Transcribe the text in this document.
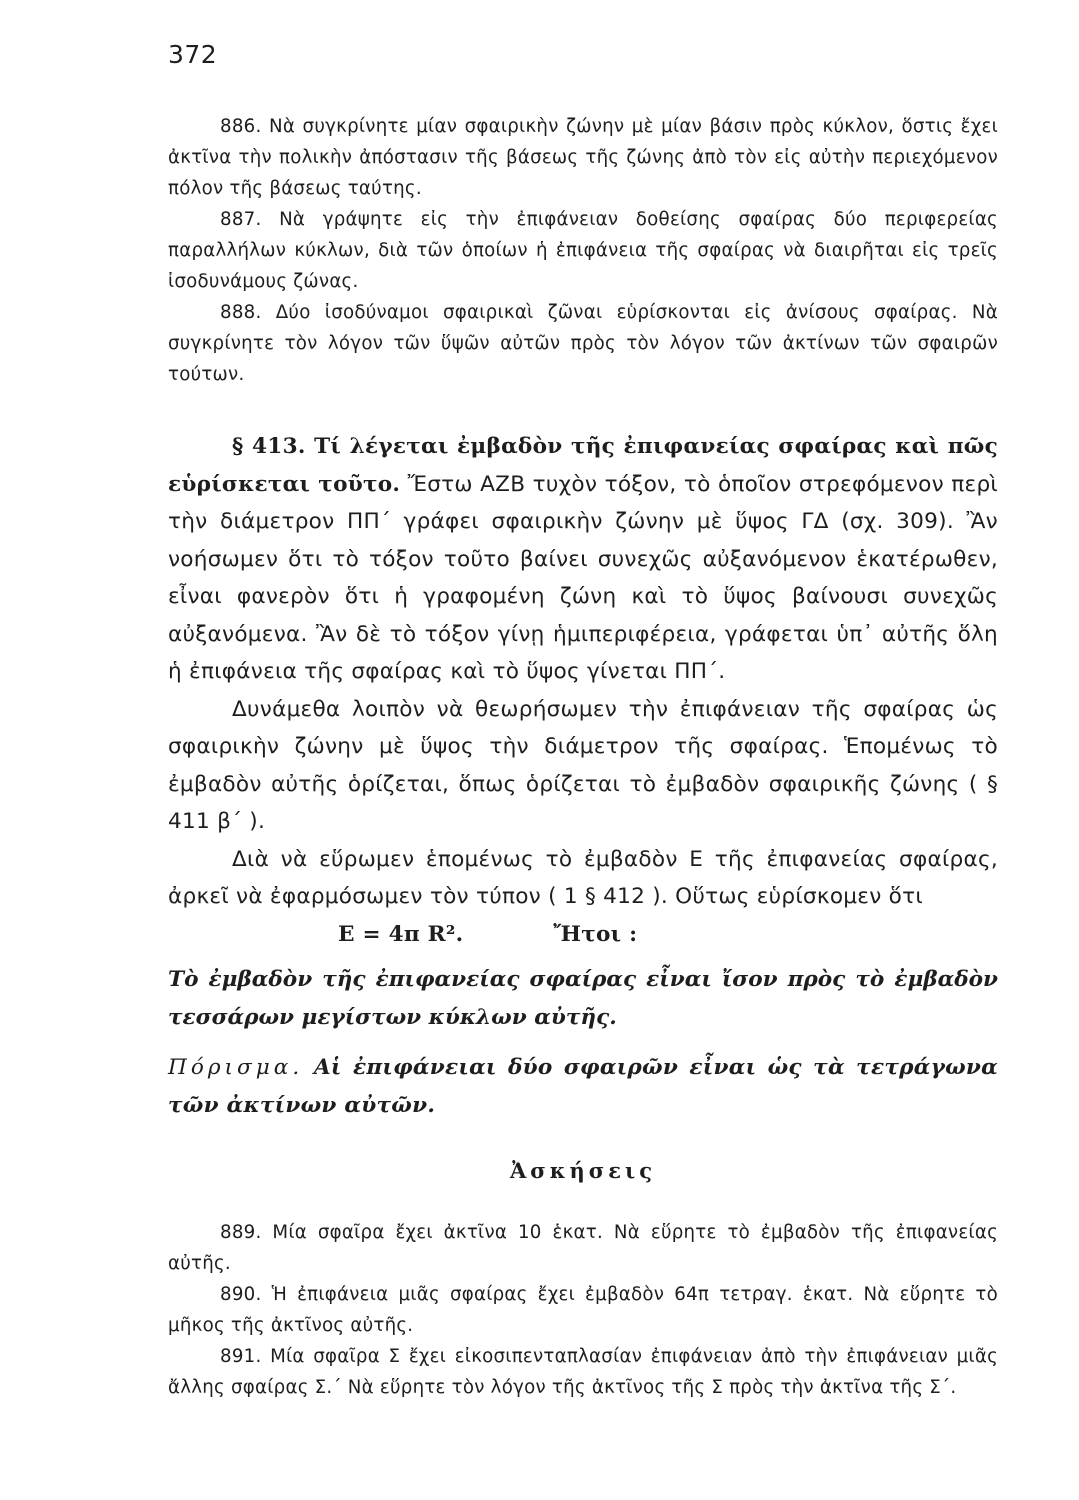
372

886. Νὰ συγκρίνητε μίαν σφαιρικὴν ζώνην μὲ μίαν βάσιν πρὸς κύκλον, ὅστις ἔχει ἀκτῖνα τὴν πολικὴν ἀπόστασιν τῆς βάσεως τῆς ζώνης ἀπὸ τὸν εἰς αὐτὴν περιεχόμενον πόλον τῆς βάσεως ταύτης.

887. Νὰ γράψητε εἰς τὴν ἐπιφάνειαν δοθείσης σφαίρας δύο περιφερείας παραλλήλων κύκλων, διὰ τῶν ὁποίων ἡ ἐπιφάνεια τῆς σφαίρας νὰ διαιρῆται εἰς τρεῖς ἰσοδυνάμους ζώνας.

888. Δύο ἰσοδύναμοι σφαιρικαὶ ζῶναι εὑρίσκονται εἰς ἀνίσους σφαίρας. Νὰ συγκρίνητε τὸν λόγον τῶν ὕψῶν αὐτῶν πρὸς τὸν λόγον τῶν ἀκτίνων τῶν σφαιρῶν τούτων.

§ 413. Τί λέγεται ἐμβαδὸν τῆς ἐπιφανείας σφαίρας καὶ πῶς εὑρίσκεται τοῦτο. Ἔστω ΑΖΒ τυχὸν τόξον, τὸ ὁποῖον στρεφόμενον περὶ τὴν διάμετρον ΠΠ΄ γράφει σφαιρικὴν ζώνην μὲ ὕψος ΓΔ (σχ. 309). Ἂν νοήσωμεν ὅτι τὸ τόξον τοῦτο βαίνει συνεχῶς αὐξανόμενον ἑκατέρωθεν, εἶναι φανερὸν ὅτι ἡ γραφομένη ζώνη καὶ τὸ ὕψος βαίνουσι συνεχῶς αὐξανόμενα. Ἂν δὲ τὸ τόξον γίνῃ ἡμιπεριφέρεια, γράφεται ὑπ᾽ αὐτῆς ὅλη ἡ ἐπιφάνεια τῆς σφαίρας καὶ τὸ ὕψος γίνεται ΠΠ΄.

Δυνάμεθα λοιπὸν νὰ θεωρήσωμεν τὴν ἐπιφάνειαν τῆς σφαίρας ὡς σφαιρικὴν ζώνην μὲ ὕψος τὴν διάμετρον τῆς σφαίρας. Ἑπομένως τὸ ἐμβαδὸν αὐτῆς ὁρίζεται, ὅπως ὁρίζεται τὸ ἐμβαδὸν σφαιρικῆς ζώνης ( § 411 β΄ ).

Διὰ νὰ εὕρωμεν ἑπομένως τὸ ἐμβαδὸν Ε τῆς ἐπιφανείας σφαίρας, ἀρκεῖ νὰ ἐφαρμόσωμεν τὸν τύπον ( 1 § 412 ). Οὕτως εὑρίσκομεν ὅτι

Ε = 4π R².	Ἤτοι :

Τὸ ἐμβαδὸν τῆς ἐπιφανείας σφαίρας εἶναι ἴσον πρὸς τὸ ἐμβαδὸν τεσσάρων μεγίστων κύκλων αὐτῆς.

Πόρισμα. Αἱ ἐπιφάνειαι δύο σφαιρῶν εἶναι ὡς τὰ τετράγωνα τῶν ἀκτίνων αὐτῶν.

Ἀσκήσεις

889. Μία σφαῖρα ἔχει ἀκτῖνα 10 ἑκατ. Νὰ εὕρητε τὸ ἐμβαδὸν τῆς ἐπιφανείας αὐτῆς.

890. Ἡ ἐπιφάνεια μιᾶς σφαίρας ἔχει ἐμβαδὸν 64π τετραγ. ἑκατ. Νὰ εὕρητε τὸ μῆκος τῆς ἀκτῖνος αὐτῆς.

891. Μία σφαῖρα Σ ἔχει εἰκοσιπενταπλασίαν ἐπιφάνειαν ἀπὸ τὴν ἐπιφάνειαν μιᾶς ἄλλης σφαίρας Σ.΄ Νὰ εὕρητε τὸν λόγον τῆς ἀκτῖνος τῆς Σ πρὸς τὴν ἀκτῖνα τῆς Σ΄.
